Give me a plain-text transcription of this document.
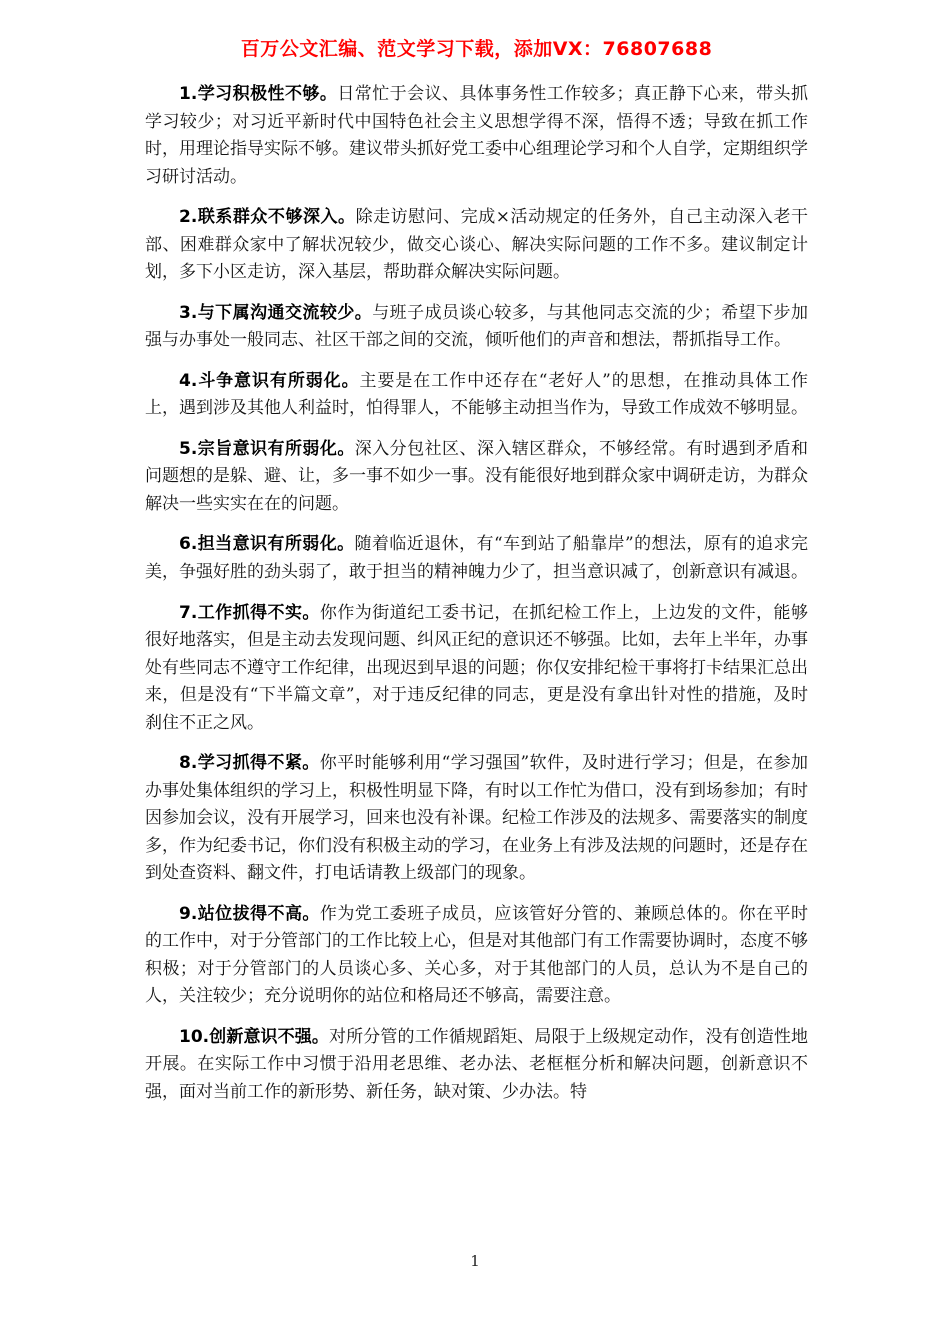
百万公文汇编、范文学习下载，添加VX：76807688

1.学习积极性不够。日常忙于会议、具体事务性工作较多；真正静下心来，带头抓学习较少；对习近平新时代中国特色社会主义思想学得不深，悟得不透；导致在抓工作时，用理论指导实际不够。建议带头抓好党工委中心组理论学习和个人自学，定期组织学习研讨活动。

2.联系群众不够深入。除走访慰问、完成×活动规定的任务外，自己主动深入老干部、困难群众家中了解状况较少，做交心谈心、解决实际问题的工作不多。建议制定计划，多下小区走访，深入基层，帮助群众解决实际问题。

3.与下属沟通交流较少。与班子成员谈心较多，与其他同志交流的少；希望下步加强与办事处一般同志、社区干部之间的交流，倾听他们的声音和想法，帮抓指导工作。

4.斗争意识有所弱化。主要是在工作中还存在“老好人”的思想，在推动具体工作上，遇到涉及其他人利益时，怕得罪人，不能够主动担当作为，导致工作成效不够明显。

5.宗旨意识有所弱化。深入分包社区、深入辖区群众，不够经常。有时遇到矛盾和问题想的是躲、避、让，多一事不如少一事。没有能很好地到群众家中调研走访，为群众解决一些实实在在的问题。

6.担当意识有所弱化。随着临近退休，有“车到站了船靠岸”的想法，原有的追求完美，争强好胜的劲头弱了，敢于担当的精神魄力少了，担当意识减了，创新意识有减退。

7.工作抓得不实。你作为街道纪工委书记，在抓纪检工作上，上边发的文件，能够很好地落实，但是主动去发现问题、纠风正纪的意识还不够强。比如，去年上半年，办事处有些同志不遵守工作纪律，出现迟到早退的问题；你仅安排纪检干事将打卡结果汇总出来，但是没有“下半篇文章”，对于违反纪律的同志，更是没有拿出针对性的措施，及时刹住不正之风。

8.学习抓得不紧。你平时能够利用“学习强国”软件，及时进行学习；但是，在参加办事处集体组织的学习上，积极性明显下降，有时以工作忙为借口，没有到场参加；有时因参加会议，没有开展学习，回来也没有补课。纪检工作涉及的法规多、需要落实的制度多，作为纪委书记，你们没有积极主动的学习，在业务上有涉及法规的问题时，还是存在到处查资料、翻文件，打电话请教上级部门的现象。

9.站位拔得不高。作为党工委班子成员，应该管好分管的、兼顾总体的。你在平时的工作中，对于分管部门的工作比较上心，但是对其他部门有工作需要协调时，态度不够积极；对于分管部门的人员谈心多、关心多，对于其他部门的人员，总认为不是自己的人，关注较少；充分说明你的站位和格局还不够高，需要注意。

10.创新意识不强。对所分管的工作循规蹈矩、局限于上级规定动作，没有创造性地开展。在实际工作中习惯于沿用老思维、老办法、老框框分析和解决问题，创新意识不强，面对当前工作的新形势、新任务，缺对策、少办法。特

1
